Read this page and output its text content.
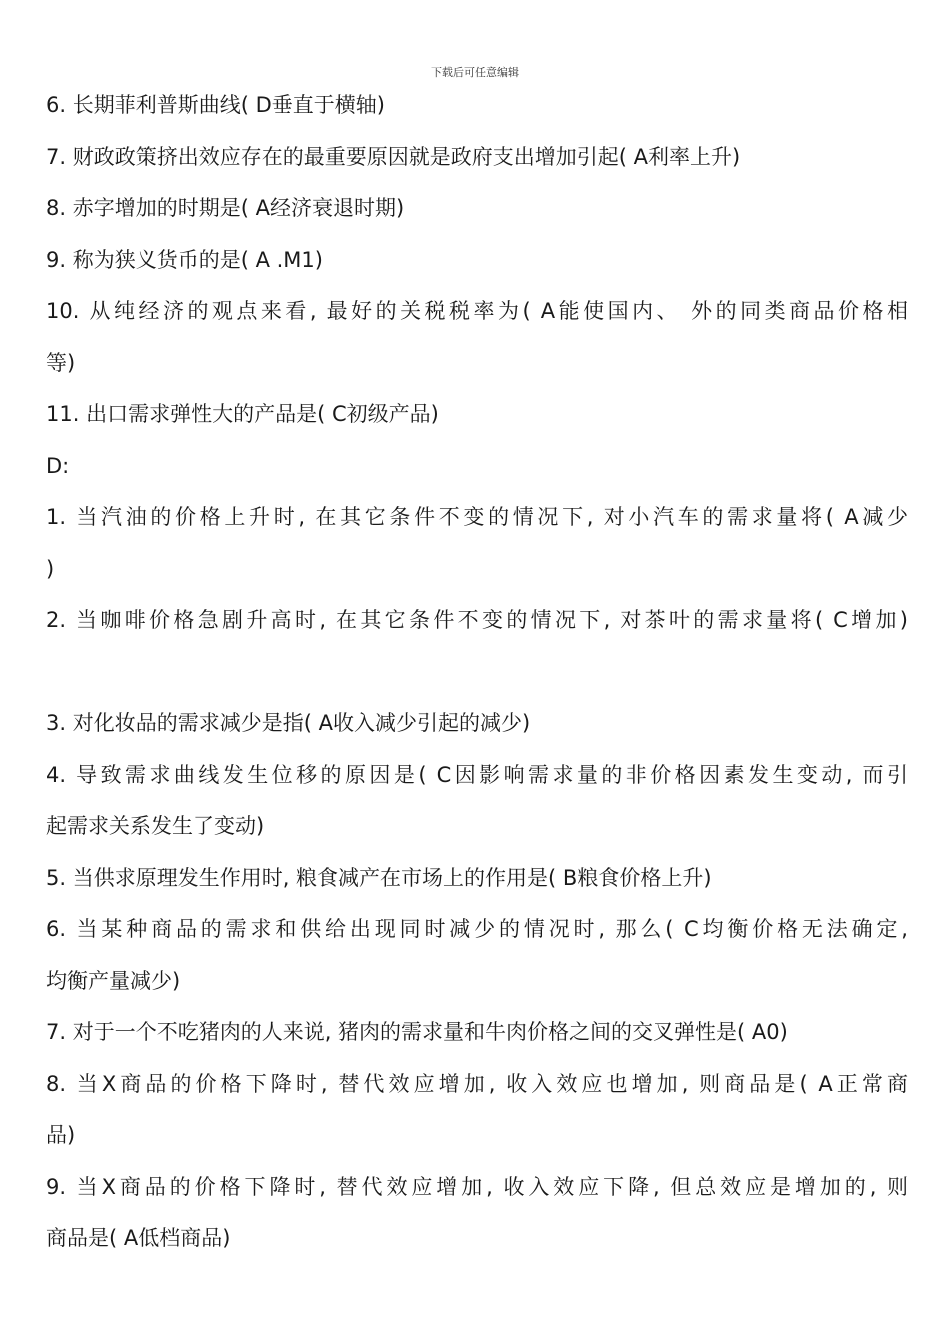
下载后可任意编辑
6. 长期菲利普斯曲线( D垂直于横轴)
7. 财政政策挤出效应存在的最重要原因就是政府支出增加引起( A利率上升)
8. 赤字增加的时期是( A经济衰退时期)
9. 称为狭义货币的是( A .M1)
10. 从纯经济的观点来看, 最好的关税税率为( A能使国内、 外的同类商品价格相
等)
11. 出口需求弹性大的产品是( C初级产品)
D:
1. 当汽油的价格上升时, 在其它条件不变的情况下, 对小汽车的需求量将( A减少
)
2. 当咖啡价格急剧升高时, 在其它条件不变的情况下, 对茶叶的需求量将( C增加)
3. 对化妆品的需求减少是指( A收入减少引起的减少)
4. 导致需求曲线发生位移的原因是( C因影响需求量的非价格因素发生变动, 而引
起需求关系发生了变动)
5. 当供求原理发生作用时, 粮食减产在市场上的作用是( B粮食价格上升)
6. 当某种商品的需求和供给出现同时减少的情况时, 那么( C均衡价格无法确定,
均衡产量减少)
7. 对于一个不吃猪肉的人来说, 猪肉的需求量和牛肉价格之间的交叉弹性是( A0)
8. 当X商品的价格下降时, 替代效应增加, 收入效应也增加, 则商品是( A正常商
品)
9. 当X商品的价格下降时, 替代效应增加, 收入效应下降, 但总效应是增加的, 则
商品是( A低档商品)
